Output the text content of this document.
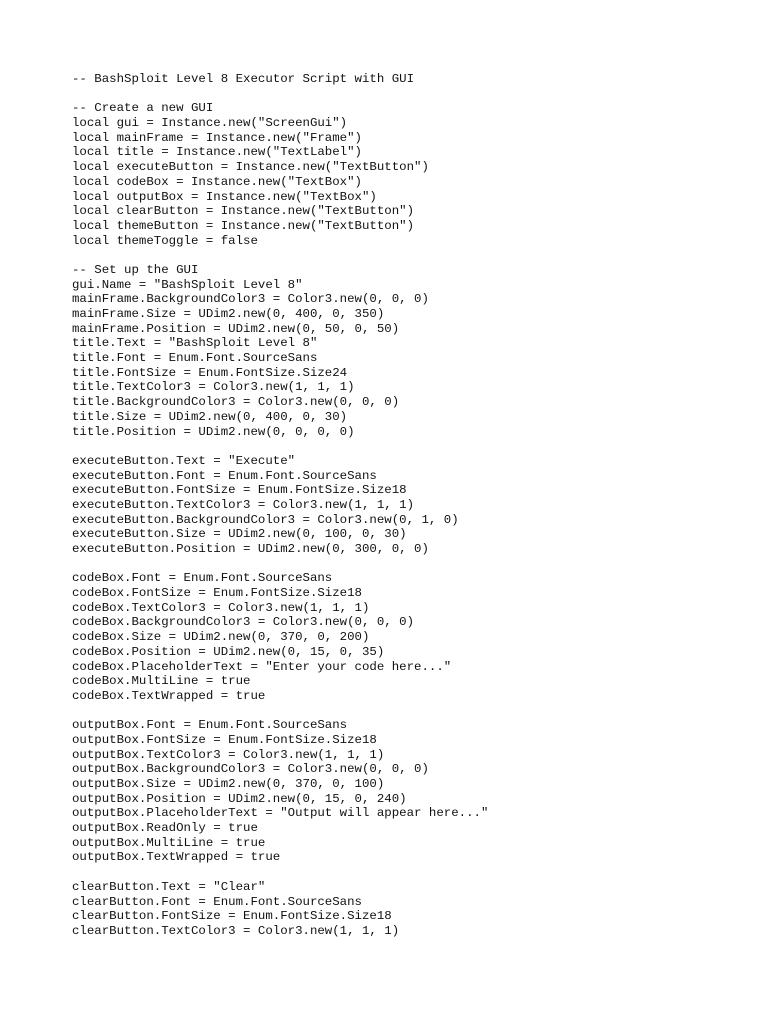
-- BashSploit Level 8 Executor Script with GUI
-- Create a new GUI
local gui = Instance.new("ScreenGui")
local mainFrame = Instance.new("Frame")
local title = Instance.new("TextLabel")
local executeButton = Instance.new("TextButton")
local codeBox = Instance.new("TextBox")
local outputBox = Instance.new("TextBox")
local clearButton = Instance.new("TextButton")
local themeButton = Instance.new("TextButton")
local themeToggle = false
-- Set up the GUI
gui.Name = "BashSploit Level 8"
mainFrame.BackgroundColor3 = Color3.new(0, 0, 0)
mainFrame.Size = UDim2.new(0, 400, 0, 350)
mainFrame.Position = UDim2.new(0, 50, 0, 50)
title.Text = "BashSploit Level 8"
title.Font = Enum.Font.SourceSans
title.FontSize = Enum.FontSize.Size24
title.TextColor3 = Color3.new(1, 1, 1)
title.BackgroundColor3 = Color3.new(0, 0, 0)
title.Size = UDim2.new(0, 400, 0, 30)
title.Position = UDim2.new(0, 0, 0, 0)
executeButton.Text = "Execute"
executeButton.Font = Enum.Font.SourceSans
executeButton.FontSize = Enum.FontSize.Size18
executeButton.TextColor3 = Color3.new(1, 1, 1)
executeButton.BackgroundColor3 = Color3.new(0, 1, 0)
executeButton.Size = UDim2.new(0, 100, 0, 30)
executeButton.Position = UDim2.new(0, 300, 0, 0)
codeBox.Font = Enum.Font.SourceSans
codeBox.FontSize = Enum.FontSize.Size18
codeBox.TextColor3 = Color3.new(1, 1, 1)
codeBox.BackgroundColor3 = Color3.new(0, 0, 0)
codeBox.Size = UDim2.new(0, 370, 0, 200)
codeBox.Position = UDim2.new(0, 15, 0, 35)
codeBox.PlaceholderText = "Enter your code here..."
codeBox.MultiLine = true
codeBox.TextWrapped = true
outputBox.Font = Enum.Font.SourceSans
outputBox.FontSize = Enum.FontSize.Size18
outputBox.TextColor3 = Color3.new(1, 1, 1)
outputBox.BackgroundColor3 = Color3.new(0, 0, 0)
outputBox.Size = UDim2.new(0, 370, 0, 100)
outputBox.Position = UDim2.new(0, 15, 0, 240)
outputBox.PlaceholderText = "Output will appear here..."
outputBox.ReadOnly = true
outputBox.MultiLine = true
outputBox.TextWrapped = true
clearButton.Text = "Clear"
clearButton.Font = Enum.Font.SourceSans
clearButton.FontSize = Enum.FontSize.Size18
clearButton.TextColor3 = Color3.new(1, 1, 1)
